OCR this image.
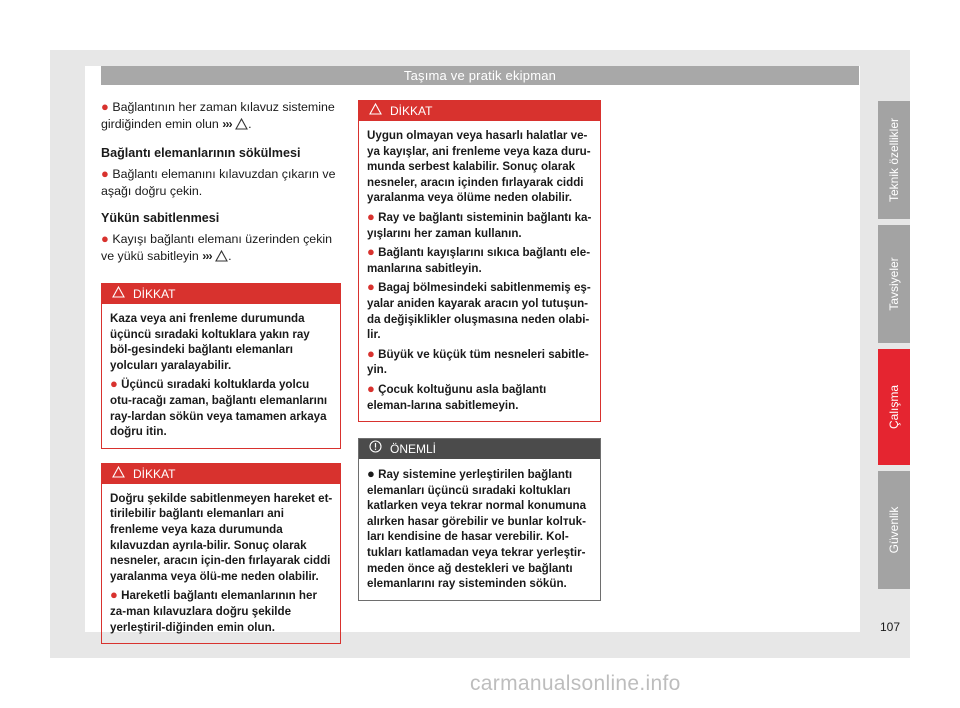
Taşıma ve pratik ekipman

● Bağlantının her zaman kılavuz sistemine girdiğinden emin olun ››› .

Bağlantı elemanlarının sökülmesi

● Bağlantı elemanını kılavuzdan çıkarın ve aşağı doğru çekin.

Yükün sabitlenmesi

● Kayışı bağlantı elemanı üzerinden çekin ve yükü sabitleyin ››› .

DİKKAT

Kaza veya ani frenleme durumunda üçüncü sıradaki koltuklara yakın ray böl-gesindeki bağlantı elemanları yolcuları yaralayabilir.

● Üçüncü sıradaki koltuklarda yolcu otu-racağı zaman, bağlantı elemanlarını ray-lardan sökün veya tamamen arkaya doğru itin.

DİKKAT

Doğru şekilde sabitlenmeyen hareket et-tirilebilir bağlantı elemanları ani frenleme veya kaza durumunda kılavuzdan ayrıla-bilir. Sonuç olarak nesneler, aracın için-den fırlayarak ciddi yaralanma veya ölü-me neden olabilir.

● Hareketli bağlantı elemanlarının her za-man kılavuzlara doğru şekilde yerleştiril-diğinden emin olun.

DİKKAT

Uygun olmayan veya hasarlı halatlar ve-ya kayışlar, ani frenleme veya kaza duru-munda serbest kalabilir. Sonuç olarak nesneler, aracın içinden fırlayarak ciddi yaralanma veya ölüme neden olabilir.

● Ray ve bağlantı sisteminin bağlantı ka-yışlarını her zaman kullanın.

● Bağlantı kayışlarını sıkıca bağlantı ele-manlarına sabitleyin.

● Bagaj bölmesindeki sabitlenmemiş eş-yalar aniden kayarak aracın yol tutuşun-da değişiklikler oluşmasına neden olabi-lir.

● Büyük ve küçük tüm nesneleri sabitle-yin.

● Çocuk koltuğunu asla bağlantı eleman-larına sabitlemeyin.

ÖNEMLİ

● Ray sistemine yerleştirilen bağlantı elemanları üçüncü sıradaki koltukları katlarken veya tekrar normal konumuna alırken hasar görebilir ve bunlar kolтuk-ları kendisine de hasar verebilir. Kol-tukları katlamadan veya tekrar yerleştir-meden önce ağ destekleri ve bağlantı elemanlarını ray sisteminden sökün.

Teknik özellikler
Tavsiyeler
Çalışma
Güvenlik
107
carmanualsonline.info
